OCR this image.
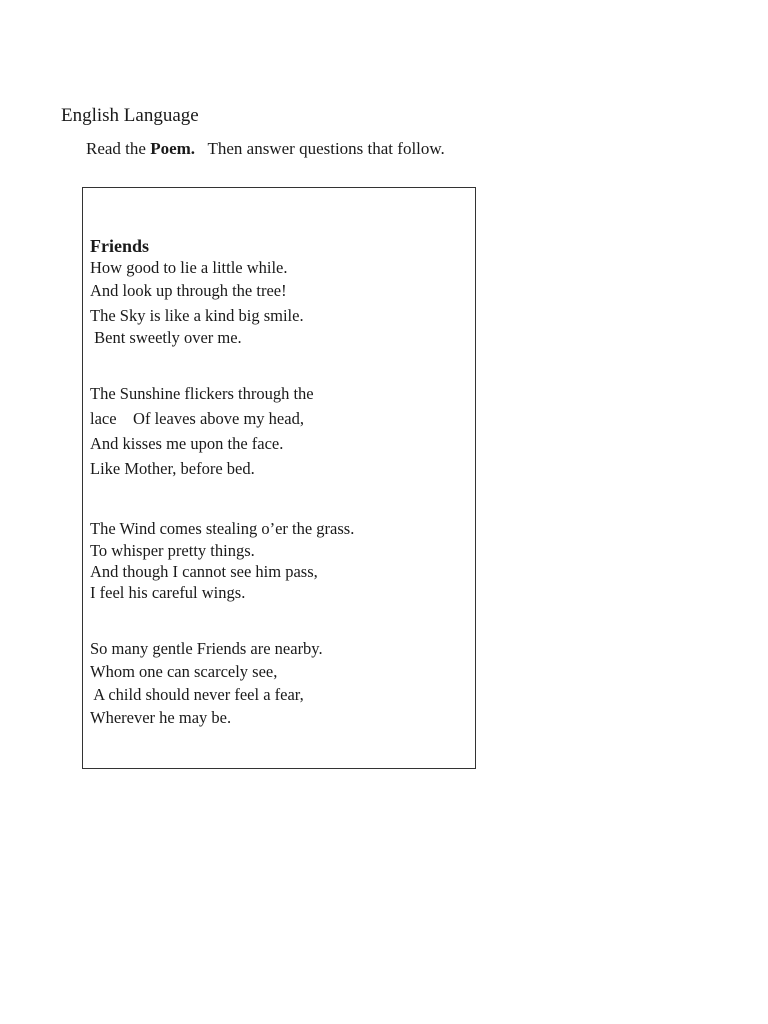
English Language
Read the Poem.   Then answer questions that follow.
Friends
How good to lie a little while.
And look up through the tree!
The Sky is like a kind big smile.
Bent sweetly over me.
The Sunshine flickers through the
lace    Of leaves above my head,
And kisses me upon the face.
Like Mother, before bed.
The Wind comes stealing o’er the grass.
To whisper pretty things.
And though I cannot see him pass,
I feel his careful wings.
So many gentle Friends are nearby.
Whom one can scarcely see,
A child should never feel a fear,
Wherever he may be.
